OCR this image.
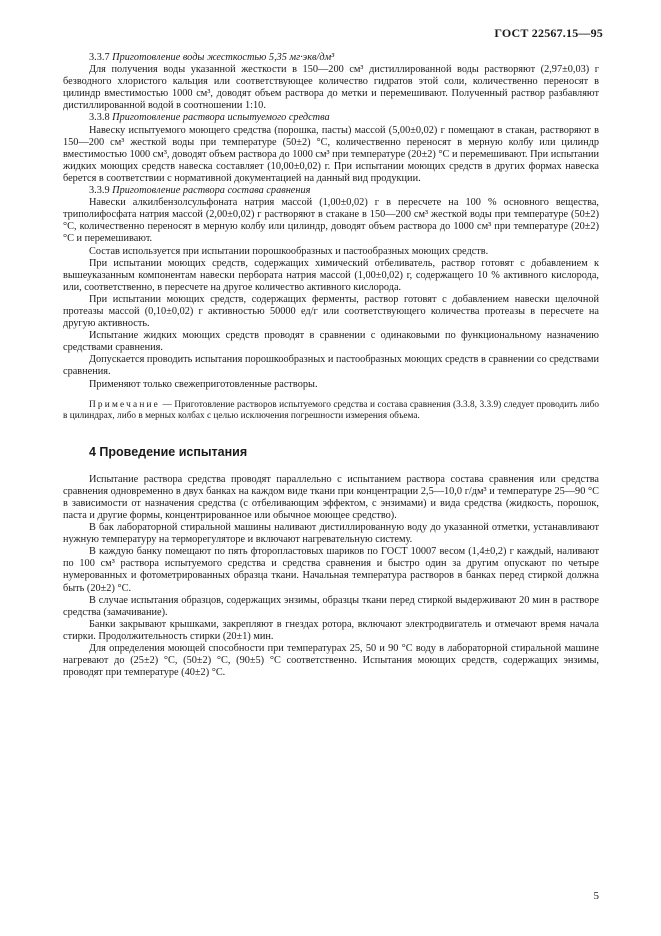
ГОСТ 22567.15—95

3.3.7 Приготовление воды жесткостью 5,35 мг·экв/дм³

Для получения воды указанной жесткости в 150—200 см³ дистиллированной воды растворяют (2,97±0,03) г безводного хлористого кальция или соответствующее количество гидратов этой соли, количественно переносят в цилиндр вместимостью 1000 см³, доводят объем раствора до метки и перемешивают. Полученный раствор разбавляют дистиллированной водой в соотношении 1:10.

3.3.8 Приготовление раствора испытуемого средства

Навеску испытуемого моющего средства (порошка, пасты) массой (5,00±0,02) г помещают в стакан, растворяют в 150—200 см³ жесткой воды при температуре (50±2) °С, количественно переносят в мерную колбу или цилиндр вместимостью 1000 см³, доводят объем раствора до 1000 см³ при температуре (20±2) °С и перемешивают. При испытании жидких моющих средств навеска составляет (10,00±0,02) г. При испытании моющих средств в других формах навеска берется в соответствии с нормативной документацией на данный вид продукции.

3.3.9 Приготовление раствора состава сравнения

Навески алкилбензолсульфоната натрия массой (1,00±0,02) г в пересчете на 100 % основного вещества, триполифосфата натрия массой (2,00±0,02) г растворяют в стакане в 150—200 см³ жесткой воды при температуре (50±2) °С, количественно переносят в мерную колбу или цилиндр, доводят объем раствора до 1000 см³ при температуре (20±2) °С и перемешивают.

Состав используется при испытании порошкообразных и пастообразных моющих средств.

При испытании моющих средств, содержащих химический отбеливатель, раствор готовят с добавлением к вышеуказанным компонентам навески пербората натрия массой (1,00±0,02) г, содержащего 10 % активного кислорода, или, соответственно, в пересчете на другое количество активного кислорода.

При испытании моющих средств, содержащих ферменты, раствор готовят с добавлением навески щелочной протеазы массой (0,10±0,02) г активностью 50000 ед/г или соответствующего количества протеазы в пересчете на другую активность.

Испытание жидких моющих средств проводят в сравнении с одинаковыми по функциональному назначению средствами сравнения.

Допускается проводить испытания порошкообразных и пастообразных моющих средств в сравнении со средствами сравнения.

Применяют только свежеприготовленные растворы.

Примечание — Приготовление растворов испытуемого средства и состава сравнения (3.3.8, 3.3.9) следует проводить либо в цилиндрах, либо в мерных колбах с целью исключения погрешности измерения объема.

4 Проведение испытания

Испытание раствора средства проводят параллельно с испытанием раствора состава сравнения или средства сравнения одновременно в двух банках на каждом виде ткани при концентрации 2,5—10,0 г/дм³ и температуре 25—90 °С в зависимости от назначения средства (с отбеливающим эффектом, с энзимами) и вида средства (жидкость, порошок, паста и другие формы, концентрированное или обычное моющее средство).

В бак лабораторной стиральной машины наливают дистиллированную воду до указанной отметки, устанавливают нужную температуру на терморегуляторе и включают нагревательную систему.

В каждую банку помещают по пять фторопластовых шариков по ГОСТ 10007 весом (1,4±0,2) г каждый, наливают по 100 см³ раствора испытуемого средства и средства сравнения и быстро один за другим опускают по четыре нумерованных и фотометрированных образца ткани. Начальная температура растворов в банках перед стиркой должна быть (20±2) °С.

В случае испытания образцов, содержащих энзимы, образцы ткани перед стиркой выдерживают 20 мин в растворе средства (замачивание).

Банки закрывают крышками, закрепляют в гнездах ротора, включают электродвигатель и отмечают время начала стирки. Продолжительность стирки (20±1) мин.

Для определения моющей способности при температурах 25, 50 и 90 °С воду в лабораторной стиральной машине нагревают до (25±2) °С, (50±2) °С, (90±5) °С соответственно. Испытания моющих средств, содержащих энзимы, проводят при температуре (40±2) °С.

5
